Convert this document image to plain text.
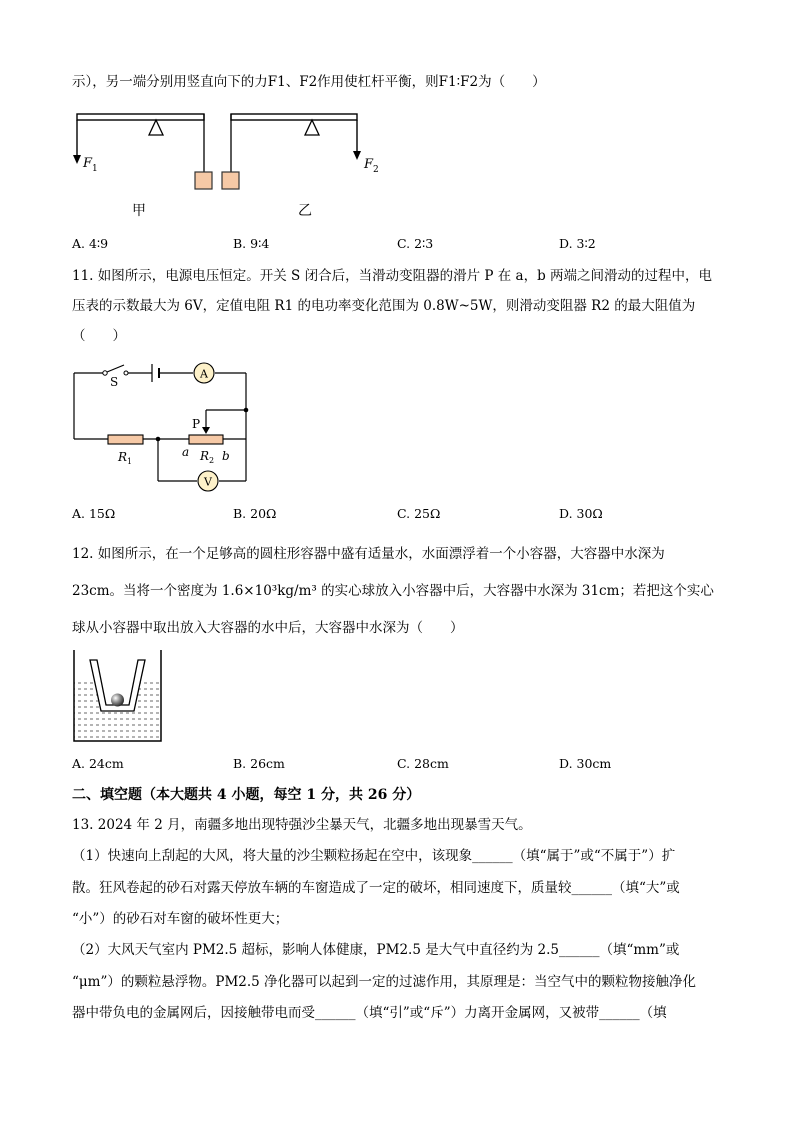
示），另一端分别用竖直向下的力F1、F2作用使杠杆平衡，则F1∶F2为（　　）
F 1
甲
F 2
乙
A. 4∶9	B. 9∶4	C. 2∶3	D. 3∶2
11. 如图所示，电源电压恒定。开关 S 闭合后，当滑动变阻器的滑片 P 在 a，b 两端之间滑动的过程中，电
压表的示数最大为 6V，定值电阻 R1 的电功率变化范围为 0.8W~5W，则滑动变阻器 R2 的最大阻值为
（　　）
A
V
S
P
R 1
a R 2 b
A. 15Ω	B. 20Ω	C. 25Ω	D. 30Ω
12. 如图所示，在一个足够高的圆柱形容器中盛有适量水，水面漂浮着一个小容器，大容器中水深为
23cm。当将一个密度为 1.6×10³kg/m³ 的实心球放入小容器中后，大容器中水深为 31cm；若把这个实心
球从小容器中取出放入大容器的水中后，大容器中水深为（　　）
A. 24cm	B. 26cm	C. 28cm	D. 30cm
二、填空题（本大题共 4 小题，每空 1 分，共 26 分）
13. 2024 年 2 月，南疆多地出现特强沙尘暴天气，北疆多地出现暴雪天气。
（1）快速向上刮起的大风，将大量的沙尘颗粒扬起在空中，该现象______（填“属于”或“不属于”）扩
散。狂风卷起的砂石对露天停放车辆的车窗造成了一定的破坏，相同速度下，质量较______（填“大”或
“小”）的砂石对车窗的破坏性更大；
（2）大风天气室内 PM2.5 超标，影响人体健康，PM2.5 是大气中直径约为 2.5______（填“mm”或
“μm”）的颗粒悬浮物。PM2.5 净化器可以起到一定的过滤作用，其原理是：当空气中的颗粒物接触净化
器中带负电的金属网后，因接触带电而受______（填“引”或“斥”）力离开金属网，又被带______（填
